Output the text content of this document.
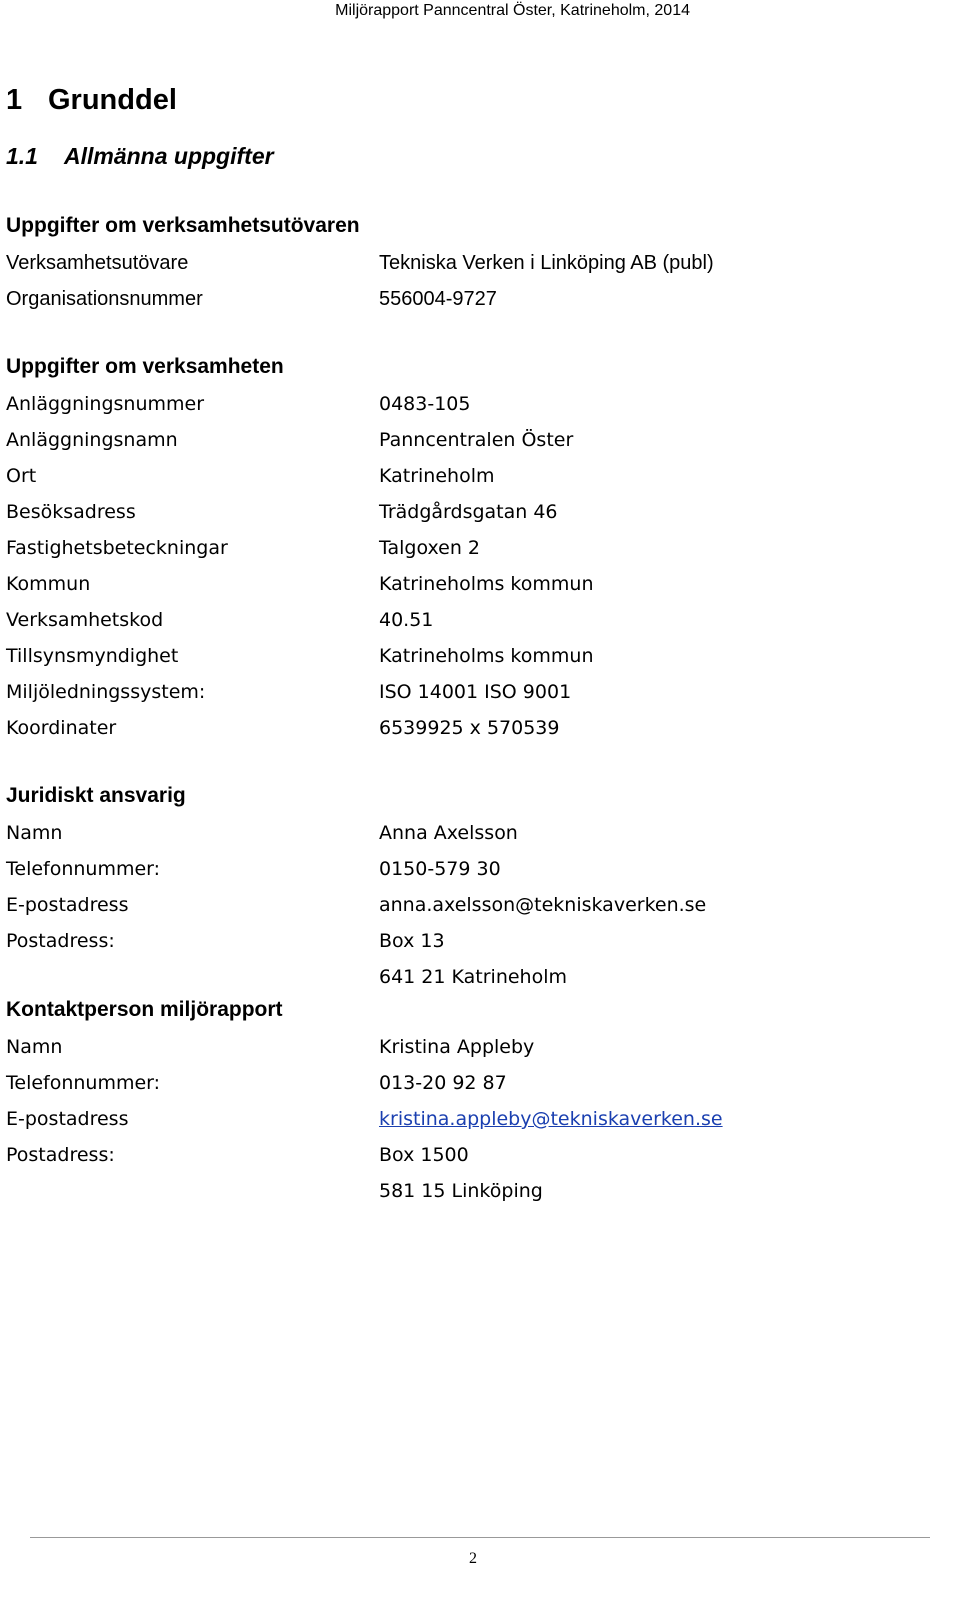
Miljörapport Panncentral Öster, Katrineholm, 2014
1 Grunddel
1.1 Allmänna uppgifter
Uppgifter om verksamhetsutövaren
Verksamhetsutövare	Tekniska Verken i Linköping AB (publ)
Organisationsnummer	556004-9727
Uppgifter om verksamheten
Anläggningsnummer	0483-105
Anläggningsnamn	Panncentralen Öster
Ort	Katrineholm
Besöksadress	Trädgårdsgatan 46
Fastighetsbeteckningar	Talgoxen 2
Kommun	Katrineholms kommun
Verksamhetskod	40.51
Tillsynsmyndighet	Katrineholms kommun
Miljöledningssystem:	ISO 14001 ISO 9001
Koordinater	6539925 x 570539
Juridiskt ansvarig
Namn	Anna Axelsson
Telefonnummer:	0150-579 30
E-postadress	anna.axelsson@tekniskaverken.se
Postadress:	Box 13
641 21 Katrineholm
Kontaktperson miljörapport
Namn	Kristina Appleby
Telefonnummer:	013-20 92 87
E-postadress	kristina.appleby@tekniskaverken.se
Postadress:	Box 1500
581 15 Linköping
2
